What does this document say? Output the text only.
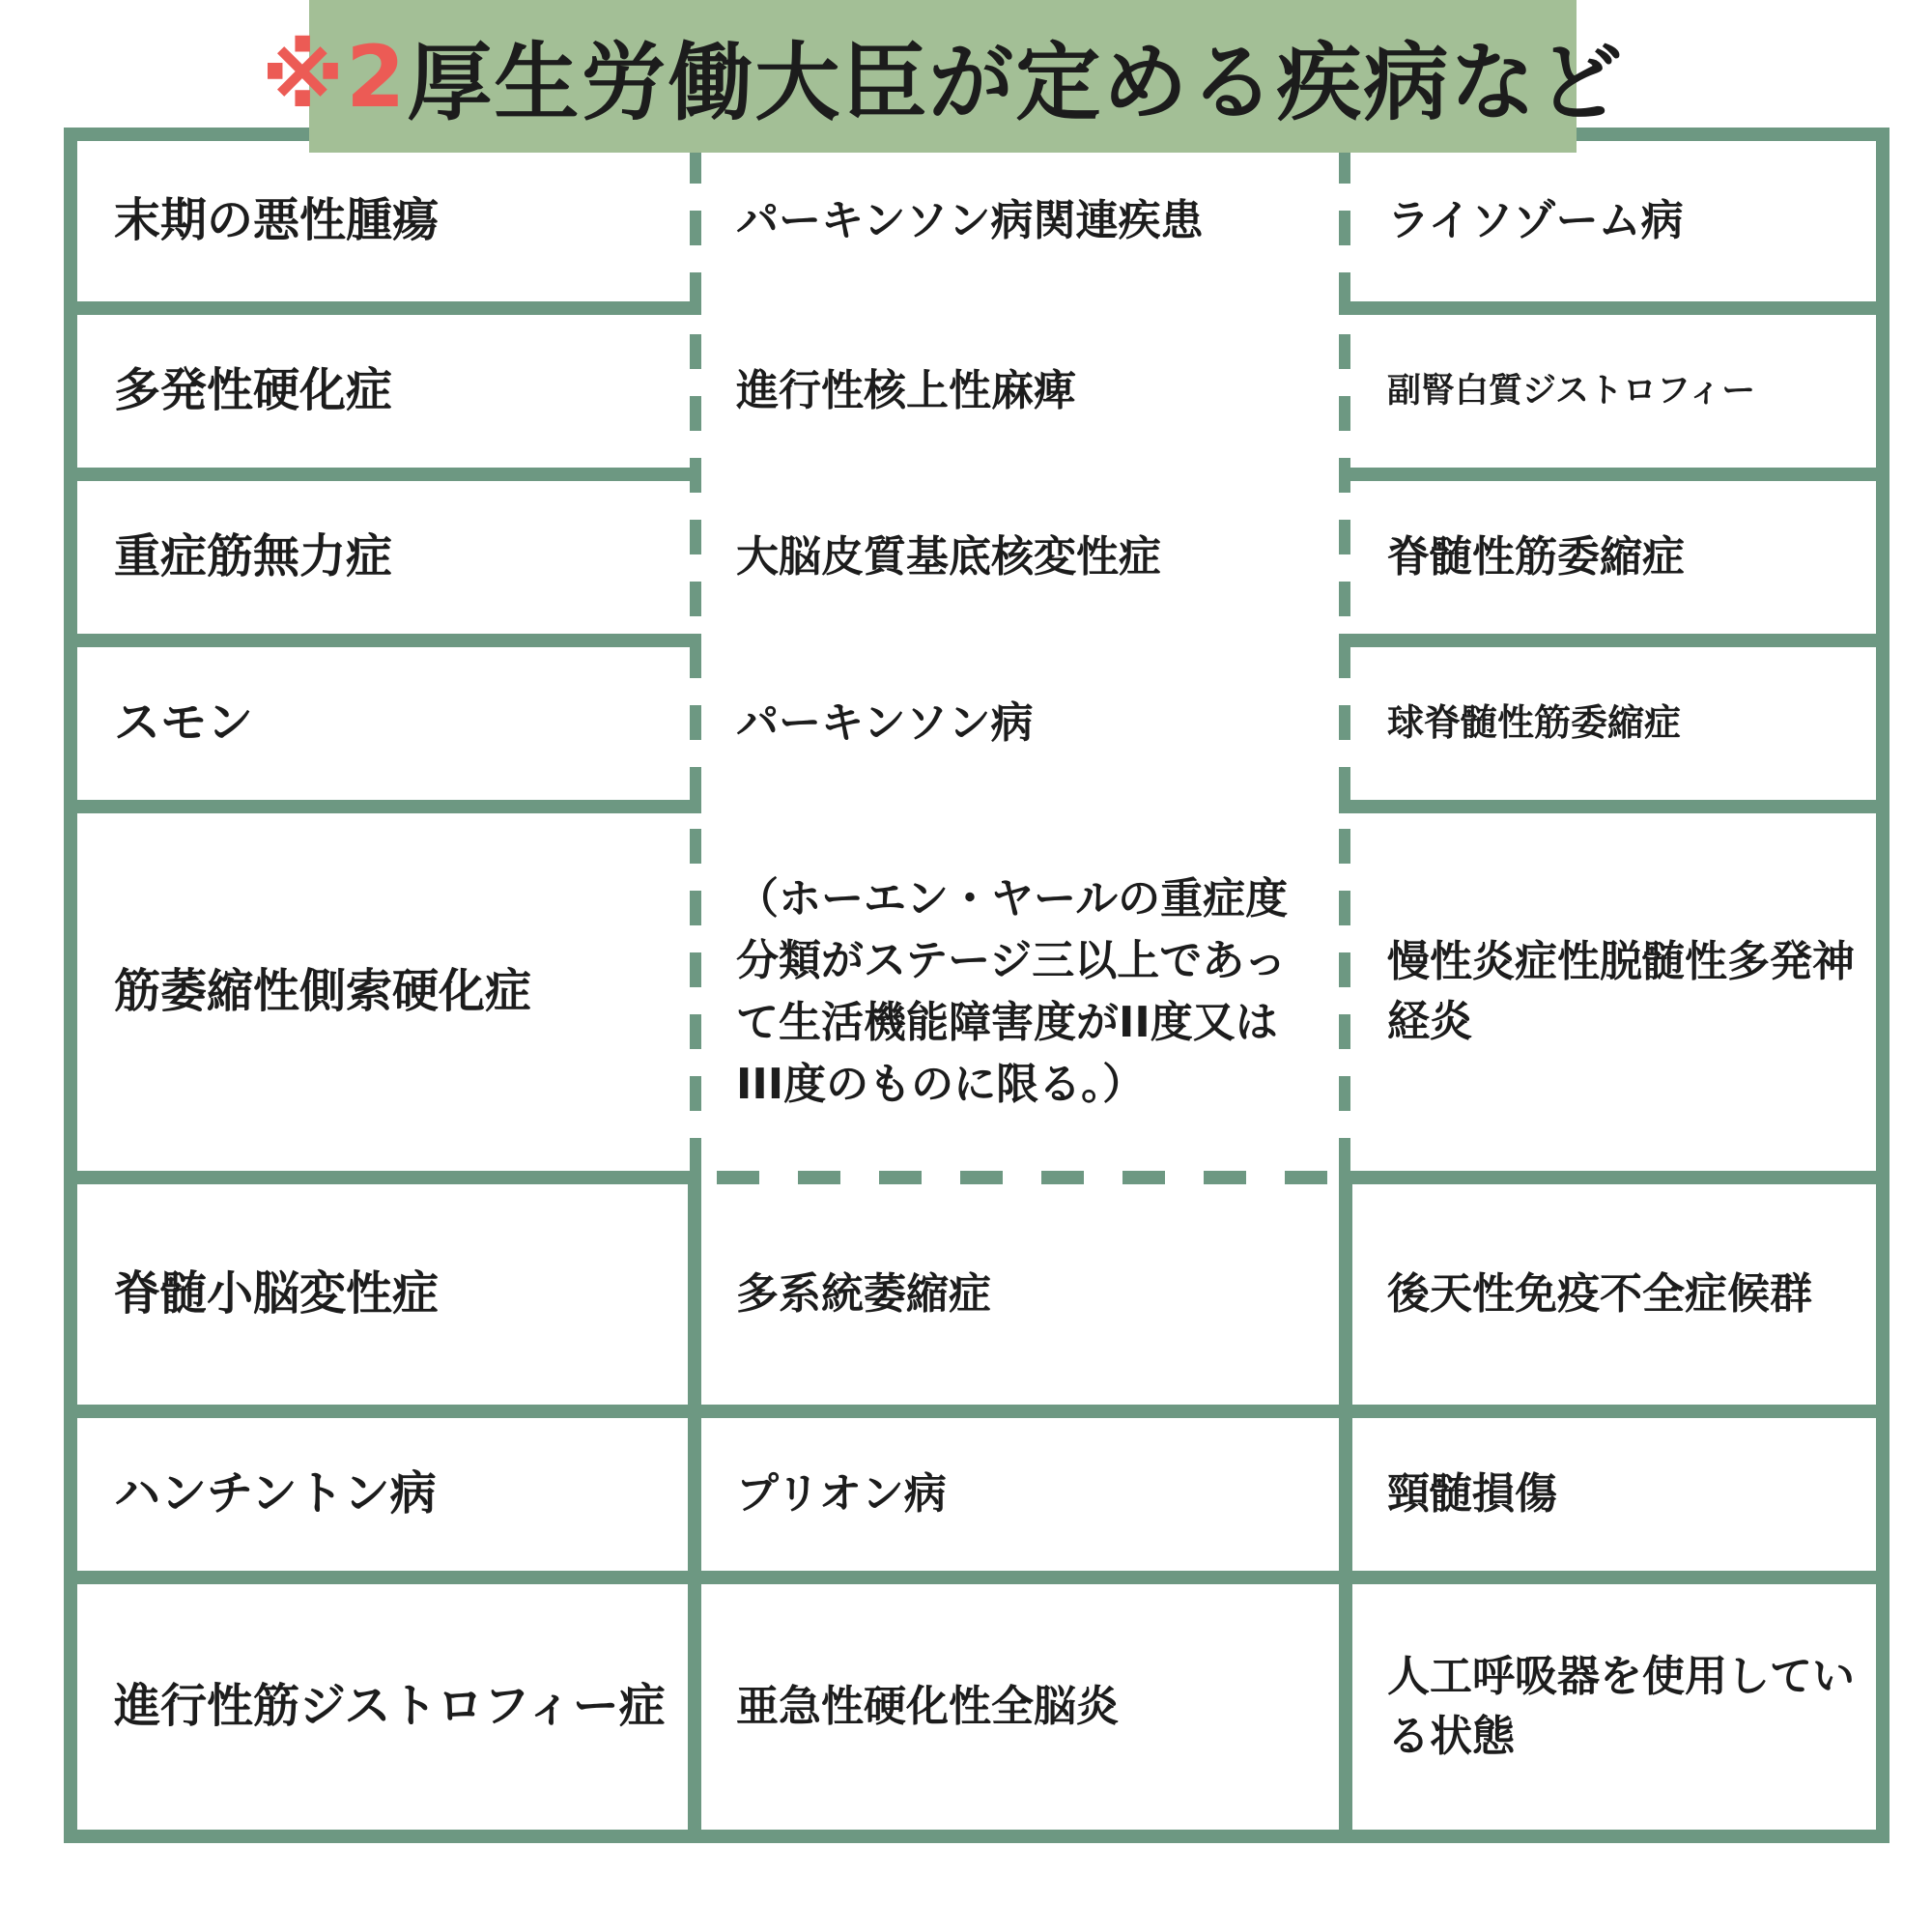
※2 厚生労働大臣が定める疾病など
末期の悪性腫瘍
多発性硬化症
重症筋無力症
スモン
筋萎縮性側索硬化症
脊髄小脳変性症
ハンチントン病
進行性筋ジストロフィー症
パーキンソン病関連疾患
進行性核上性麻痺
大脳皮質基底核変性症
パーキンソン病
（ホーエン・ヤールの重症度分類がステージ三以上であって生活機能障害度がII度又はIII度のものに限る。）
多系統萎縮症
プリオン病
亜急性硬化性全脳炎
ライソゾーム病
副腎白質ジストロフィー
脊髄性筋委縮症
球脊髄性筋委縮症
慢性炎症性脱髄性多発神経炎
後天性免疫不全症候群
頸髄損傷
人工呼吸器を使用している状態
